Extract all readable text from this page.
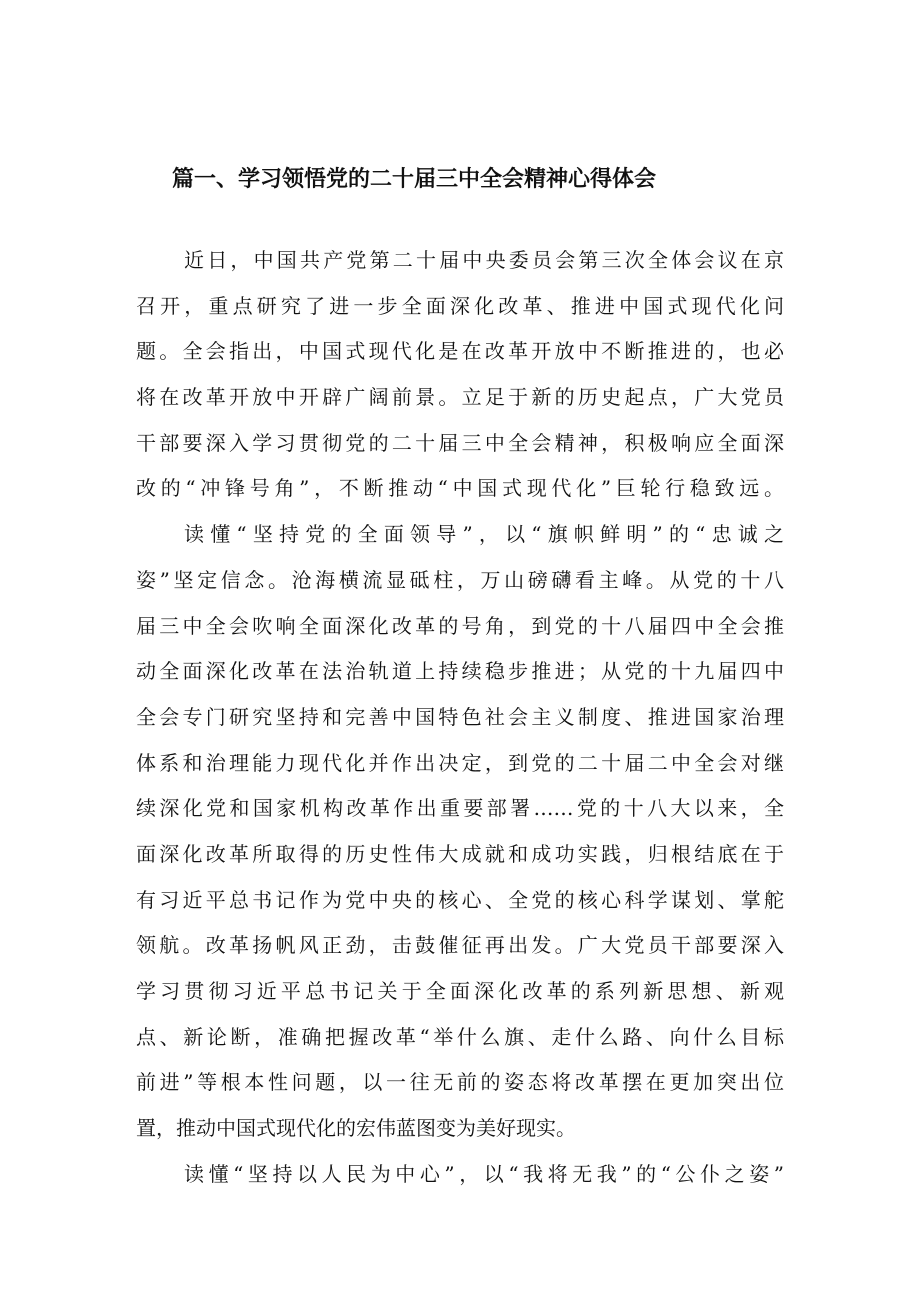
篇一、学习领悟党的二十届三中全会精神心得体会
近日，中国共产党第二十届中央委员会第三次全体会议在京
召开，重点研究了进一步全面深化改革、推进中国式现代化问
题。全会指出，中国式现代化是在改革开放中不断推进的，也必
将在改革开放中开辟广阔前景。立足于新的历史起点，广大党员
干部要深入学习贯彻党的二十届三中全会精神，积极响应全面深
改的“冲锋号角”，不断推动“中国式现代化”巨轮行稳致远。
读懂“坚持党的全面领导”，以“旗帜鲜明”的“忠诚之
姿”坚定信念。沧海横流显砥柱，万山磅礴看主峰。从党的十八
届三中全会吹响全面深化改革的号角，到党的十八届四中全会推
动全面深化改革在法治轨道上持续稳步推进；从党的十九届四中
全会专门研究坚持和完善中国特色社会主义制度、推进国家治理
体系和治理能力现代化并作出决定，到党的二十届二中全会对继
续深化党和国家机构改革作出重要部署……党的十八大以来，全
面深化改革所取得的历史性伟大成就和成功实践，归根结底在于
有习近平总书记作为党中央的核心、全党的核心科学谋划、掌舵
领航。改革扬帆风正劲，击鼓催征再出发。广大党员干部要深入
学习贯彻习近平总书记关于全面深化改革的系列新思想、新观
点、新论断，准确把握改革“举什么旗、走什么路、向什么目标
前进”等根本性问题，以一往无前的姿态将改革摆在更加突出位
置，推动中国式现代化的宏伟蓝图变为美好现实。
读懂“坚持以人民为中心”，以“我将无我”的“公仆之姿”
